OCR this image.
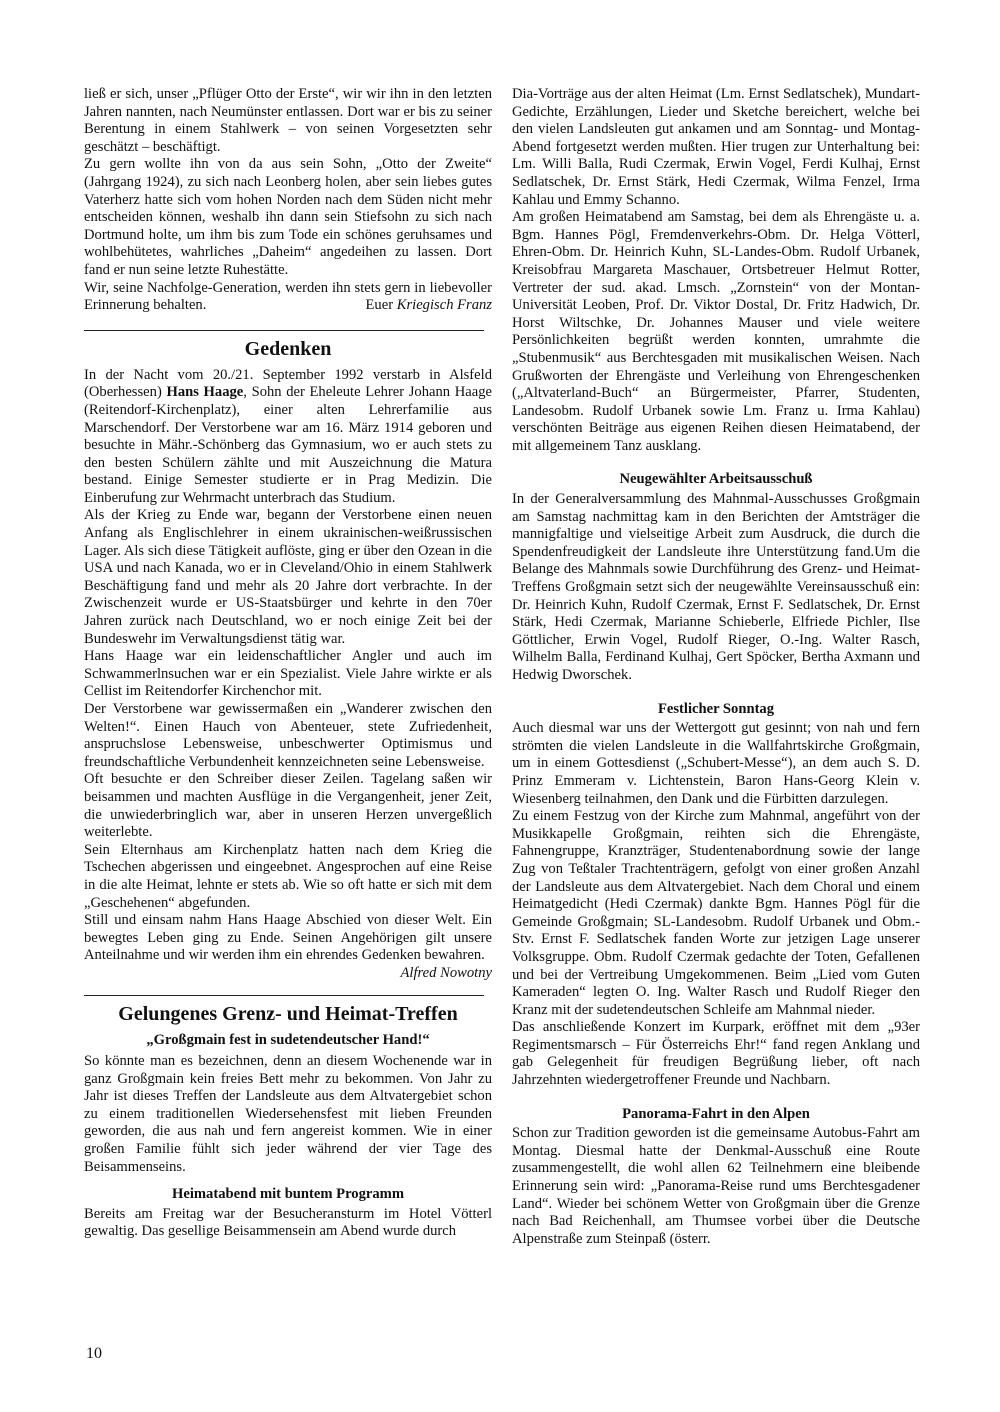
ließ er sich, unser „Pflüger Otto der Erste“, wir wir ihn in den letzten Jahren nannten, nach Neumünster entlassen. Dort war er bis zu seiner Berentung in einem Stahlwerk – von seinen Vorgesetzten sehr geschätzt – beschäftigt.

Zu gern wollte ihn von da aus sein Sohn, „Otto der Zweite“ (Jahrgang 1924), zu sich nach Leonberg holen, aber sein liebes gutes Vaterherz hatte sich vom hohen Norden nach dem Süden nicht mehr entscheiden können, weshalb ihn dann sein Stiefsohn zu sich nach Dortmund holte, um ihm bis zum Tode ein schönes geruhsames und wohlbehütetes, wahrliches „Daheim“ angedeihen zu lassen. Dort fand er nun seine letzte Ruhestätte.

Wir, seine Nachfolge-Generation, werden ihn stets gern in liebevoller Erinnerung behalten.	Euer Kriegisch Franz

Gedenken

In der Nacht vom 20./21. September 1992 verstarb in Alsfeld (Oberhessen) Hans Haage, Sohn der Eheleute Lehrer Johann Haage (Reitendorf-Kirchenplatz), einer alten Lehrerfamilie aus Marschendorf. Der Verstorbene war am 16. März 1914 geboren und besuchte in Mähr.-Schönberg das Gymnasium, wo er auch stets zu den besten Schülern zählte und mit Auszeichnung die Matura bestand. Einige Semester studierte er in Prag Medizin. Die Einberufung zur Wehrmacht unterbrach das Studium.

Als der Krieg zu Ende war, begann der Verstorbene einen neuen Anfang als Englischlehrer in einem ukrainischen-weißrussischen Lager. Als sich diese Tätigkeit auflöste, ging er über den Ozean in die USA und nach Kanada, wo er in Cleveland/Ohio in einem Stahlwerk Beschäftigung fand und mehr als 20 Jahre dort verbrachte. In der Zwischenzeit wurde er US-Staatsbürger und kehrte in den 70er Jahren zurück nach Deutschland, wo er noch einige Zeit bei der Bundeswehr im Verwaltungsdienst tätig war.

Hans Haage war ein leidenschaftlicher Angler und auch im Schwammerlnsuchen war er ein Spezialist. Viele Jahre wirkte er als Cellist im Reitendorfer Kirchenchor mit.

Der Verstorbene war gewissermaßen ein „Wanderer zwischen den Welten!“. Einen Hauch von Abenteuer, stete Zufriedenheit, anspruchslose Lebensweise, unbeschwerter Optimismus und freundschaftliche Verbundenheit kennzeichneten seine Lebensweise.

Oft besuchte er den Schreiber dieser Zeilen. Tagelang saßen wir beisammen und machten Ausflüge in die Vergangenheit, jener Zeit, die unwiederbringlich war, aber in unseren Herzen unvergeßlich weiterlebte.

Sein Elternhaus am Kirchenplatz hatten nach dem Krieg die Tschechen abgerissen und eingeebnet. Angesprochen auf eine Reise in die alte Heimat, lehnte er stets ab. Wie so oft hatte er sich mit dem „Geschehenen“ abgefunden.

Still und einsam nahm Hans Haage Abschied von dieser Welt. Ein bewegtes Leben ging zu Ende. Seinen Angehörigen gilt unsere Anteilnahme und wir werden ihm ein ehrendes Gedenken bewahren.
Alfred Nowotny

Gelungenes Grenz- und Heimat-Treffen
„Großgmain fest in sudetendeutscher Hand!“

So könnte man es bezeichnen, denn an diesem Wochenende war in ganz Großgmain kein freies Bett mehr zu bekommen. Von Jahr zu Jahr ist dieses Treffen der Landsleute aus dem Altvatergebiet schon zu einem traditionellen Wiedersehensfest mit lieben Freunden geworden, die aus nah und fern angereist kommen. Wie in einer großen Familie fühlt sich jeder während der vier Tage des Beisammenseins.

Heimatabend mit buntem Programm

Bereits am Freitag war der Besucheransturm im Hotel Vötterl gewaltig. Das gesellige Beisammensein am Abend wurde durch

Dia-Vorträge aus der alten Heimat (Lm. Ernst Sedlatschek), Mundart-Gedichte, Erzählungen, Lieder und Sketche bereichert, welche bei den vielen Landsleuten gut ankamen und am Sonntag- und Montag-Abend fortgesetzt werden mußten. Hier trugen zur Unterhaltung bei: Lm. Willi Balla, Rudi Czermak, Erwin Vogel, Ferdi Kulhaj, Ernst Sedlatschek, Dr. Ernst Stärk, Hedi Czermak, Wilma Fenzel, Irma Kahlau und Emmy Schanno.

Am großen Heimatabend am Samstag, bei dem als Ehrengäste u. a. Bgm. Hannes Pögl, Fremdenverkehrs-Obm. Dr. Helga Vötterl, Ehren-Obm. Dr. Heinrich Kuhn, SL-Landes-Obm. Rudolf Urbanek, Kreisobfrau Margareta Maschauer, Ortsbetreuer Helmut Rotter, Vertreter der sud. akad. Lmsch. „Zornstein“ von der Montan-Universität Leoben, Prof. Dr. Viktor Dostal, Dr. Fritz Hadwich, Dr. Horst Wiltschke, Dr. Johannes Mauser und viele weitere Persönlichkeiten begrüßt werden konnten, umrahmte die „Stubenmusik“ aus Berchtesgaden mit musikalischen Weisen. Nach Grußworten der Ehrengäste und Verleihung von Ehrengeschenken („Altvaterland-Buch“ an Bürgermeister, Pfarrer, Studenten, Landesobm. Rudolf Urbanek sowie Lm. Franz u. Irma Kahlau) verschönten Beiträge aus eigenen Reihen diesen Heimatabend, der mit allgemeinem Tanz ausklang.

Neugewählter Arbeitsausschuß

In der Generalversammlung des Mahnmal-Ausschusses Großgmain am Samstag nachmittag kam in den Berichten der Amtsträger die mannigfaltige und vielseitige Arbeit zum Ausdruck, die durch die Spendenfreudigkeit der Landsleute ihre Unterstützung fand.Um die Belange des Mahnmals sowie Durchführung des Grenz- und Heimat-Treffens Großgmain setzt sich der neugewählte Vereinsausschuß ein: Dr. Heinrich Kuhn, Rudolf Czermak, Ernst F. Sedlatschek, Dr. Ernst Stärk, Hedi Czermak, Marianne Schieberle, Elfriede Pichler, Ilse Göttlicher, Erwin Vogel, Rudolf Rieger, O.-Ing. Walter Rasch, Wilhelm Balla, Ferdinand Kulhaj, Gert Spöcker, Bertha Axmann und Hedwig Dworschek.

Festlicher Sonntag

Auch diesmal war uns der Wettergott gut gesinnt; von nah und fern strömten die vielen Landsleute in die Wallfahrtskirche Großgmain, um in einem Gottesdienst („Schubert-Messe“), an dem auch S. D. Prinz Emmeram v. Lichtenstein, Baron Hans-Georg Klein v. Wiesenberg teilnahmen, den Dank und die Fürbitten darzulegen.

Zu einem Festzug von der Kirche zum Mahnmal, angeführt von der Musikkapelle Großgmain, reihten sich die Ehrengäste, Fahnengruppe, Kranzträger, Studentenabordnung sowie der lange Zug von Teßtaler Trachtenträgern, gefolgt von einer großen Anzahl der Landsleute aus dem Altvatergebiet. Nach dem Choral und einem Heimatgedicht (Hedi Czermak) dankte Bgm. Hannes Pögl für die Gemeinde Großgmain; SL-Landesobm. Rudolf Urbanek und Obm.-Stv. Ernst F. Sedlatschek fanden Worte zur jetzigen Lage unserer Volksgruppe. Obm. Rudolf Czermak gedachte der Toten, Gefallenen und bei der Vertreibung Umgekommenen. Beim „Lied vom Guten Kameraden“ legten O. Ing. Walter Rasch und Rudolf Rieger den Kranz mit der sudetendeutschen Schleife am Mahnmal nieder.

Das anschließende Konzert im Kurpark, eröffnet mit dem „93er Regimentsmarsch – Für Österreichs Ehr!“ fand regen Anklang und gab Gelegenheit für freudigen Begrüßung lieber, oft nach Jahrzehnten wiedergetroffener Freunde und Nachbarn.

Panorama-Fahrt in den Alpen

Schon zur Tradition geworden ist die gemeinsame Autobus-Fahrt am Montag. Diesmal hatte der Denkmal-Ausschuß eine Route zusammengestellt, die wohl allen 62 Teilnehmern eine bleibende Erinnerung sein wird: „Panorama-Reise rund ums Berchtesgadener Land“. Wieder bei schönem Wetter von Großgmain über die Grenze nach Bad Reichenhall, am Thumsee vorbei über die Deutsche Alpenstraße zum Steinpaß (österr.

10
